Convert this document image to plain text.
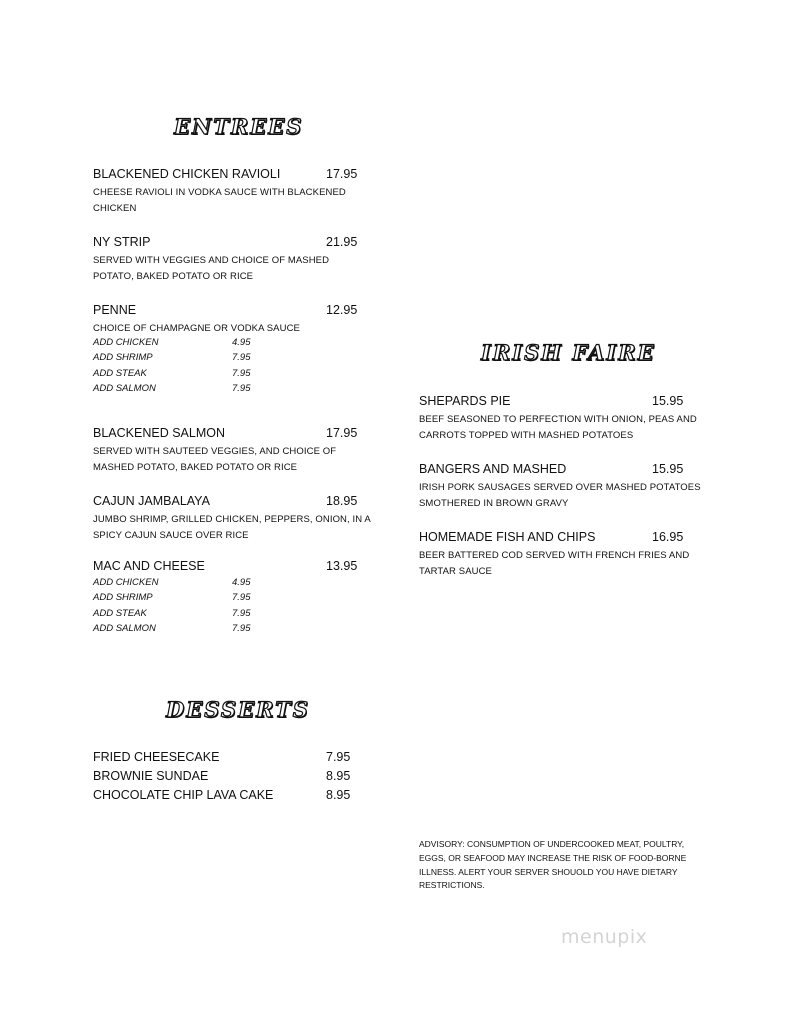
ENTREES
IRISH FAIRE
DESSERTS
BLACKENED CHICKEN RAVIOLI	17.95
CHEESE RAVIOLI IN VODKA SAUCE WITH BLACKENED CHICKEN
NY STRIP	21.95
SERVED WITH VEGGIES AND CHOICE OF MASHED POTATO, BAKED POTATO OR RICE
PENNE	12.95
CHOICE OF CHAMPAGNE OR VODKA SAUCE
ADD CHICKEN	4.95
ADD SHRIMP	7.95
ADD STEAK	7.95
ADD SALMON	7.95
BLACKENED SALMON	17.95
SERVED WITH SAUTEED VEGGIES, AND CHOICE OF MASHED POTATO, BAKED POTATO OR RICE
CAJUN JAMBALAYA	18.95
JUMBO SHRIMP, GRILLED CHICKEN, PEPPERS, ONION, IN A SPICY CAJUN SAUCE OVER RICE
MAC AND CHEESE	13.95
ADD CHICKEN	4.95
ADD SHRIMP	7.95
ADD STEAK	7.95
ADD SALMON	7.95
SHEPARDS PIE	15.95
BEEF SEASONED TO PERFECTION WITH ONION, PEAS AND CARROTS TOPPED WITH MASHED POTATOES
BANGERS AND MASHED	15.95
IRISH PORK SAUSAGES SERVED OVER MASHED POTATOES SMOTHERED IN BROWN GRAVY
HOMEMADE FISH AND CHIPS	16.95
BEER BATTERED COD SERVED WITH FRENCH FRIES AND TARTAR SAUCE
FRIED CHEESECAKE	7.95
BROWNIE SUNDAE	8.95
CHOCOLATE CHIP LAVA CAKE	8.95
ADVISORY: CONSUMPTION OF UNDERCOOKED MEAT, POULTRY, EGGS, OR SEAFOOD MAY INCREASE THE RISK OF FOOD-BORNE ILLNESS. ALERT YOUR SERVER SHOUOLD YOU HAVE DIETARY RESTRICTIONS.
menupix
